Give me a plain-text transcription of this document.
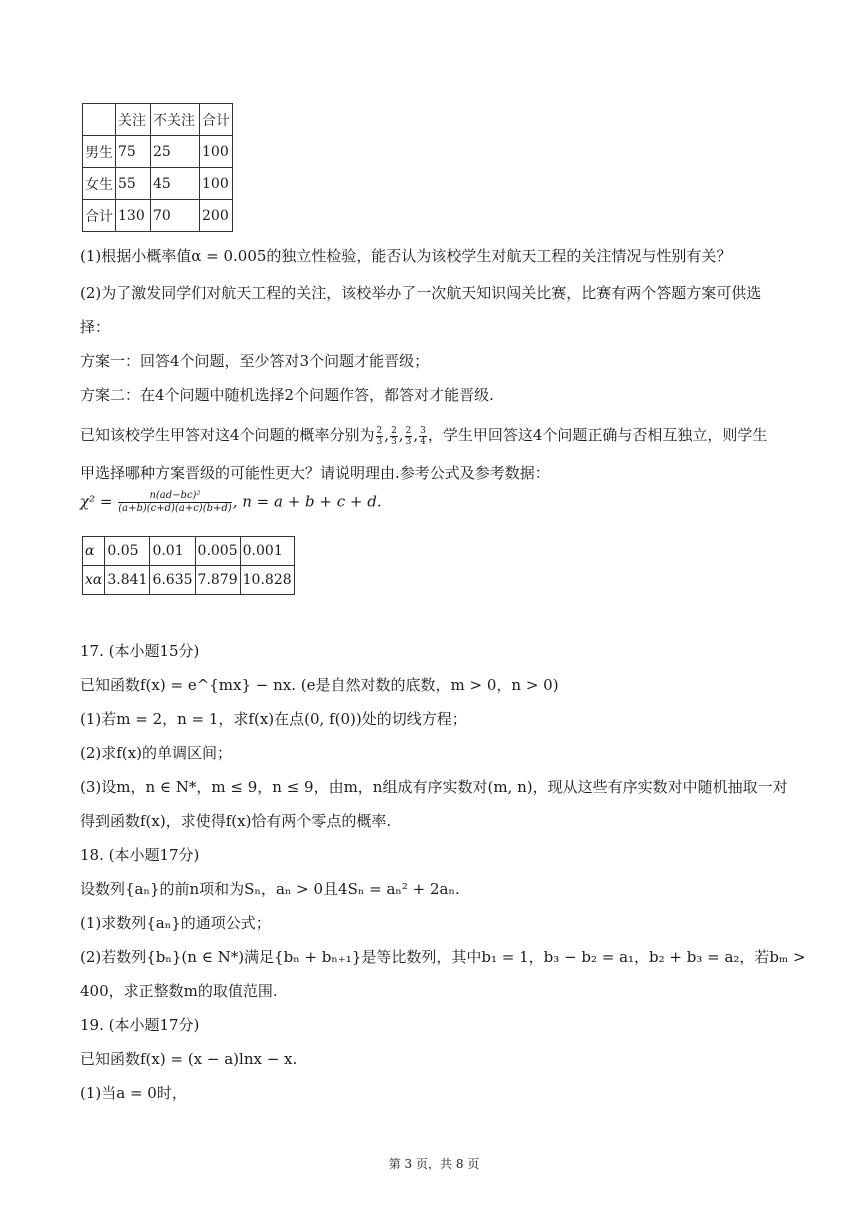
	关注	不关注	合计
男生	75	25	100
女生	55	45	100
合计	130	70	200
(1)根据小概率值α = 0.005的独立性检验，能否认为该校学生对航天工程的关注情况与性别有关？
(2)为了激发同学们对航天工程的关注，该校举办了一次航天知识闯关比赛，比赛有两个答题方案可供选
择：
方案一：回答4个问题，至少答对3个问题才能晋级；
方案二：在4个问题中随机选择2个问题作答，都答对才能晋级.
已知该校学生甲答对这4个问题的概率分别为 $\frac{2}{3}$ , $\frac{2}{3}$ , $\frac{2}{3}$ , $\frac{3}{4}$ ，学生甲回答这4个问题正确与否相互独立，则学生
甲选择哪种方案晋级的可能性更大？请说明理由.参考公式及参考数据：
$\chi^2 = \frac{\text{n(ad−bc)²}}{(a+b)(c+d)(a+c)(b+d)}$ , n = a + b + c + d.
α	0.05	0.01	0.005	0.001
xα	3.841	6.635	7.879	10.828
17. (本小题15分)
已知函数f(x) = e^{mx} − nx. (e是自然对数的底数，m > 0，n > 0)
(1)若m = 2，n = 1，求f(x)在点(0, f(0))处的切线方程；
(2)求f(x)的单调区间；
(3)设m，n ∈ N*，m ≤ 9，n ≤ 9，由m，n组成有序实数对(m, n)，现从这些有序实数对中随机抽取一对
得到函数f(x)，求使得f(x)恰有两个零点的概率.
18. (本小题17分)
设数列{aₙ}的前n项和为Sₙ，aₙ > 0且4Sₙ = aₙ² + 2aₙ.
(1)求数列{aₙ}的通项公式；
(2)若数列{bₙ}(n ∈ N*)满足{bₙ + bₙ₊₁}是等比数列，其中b₁ = 1，b₃ − b₂ = a₁，b₂ + b₃ = a₂，若bₘ >
400，求正整数m的取值范围.
19. (本小题17分)
已知函数f(x) = (x − a)lnx − x.
(1)当a = 0时，
第 3 页，共 8 页
